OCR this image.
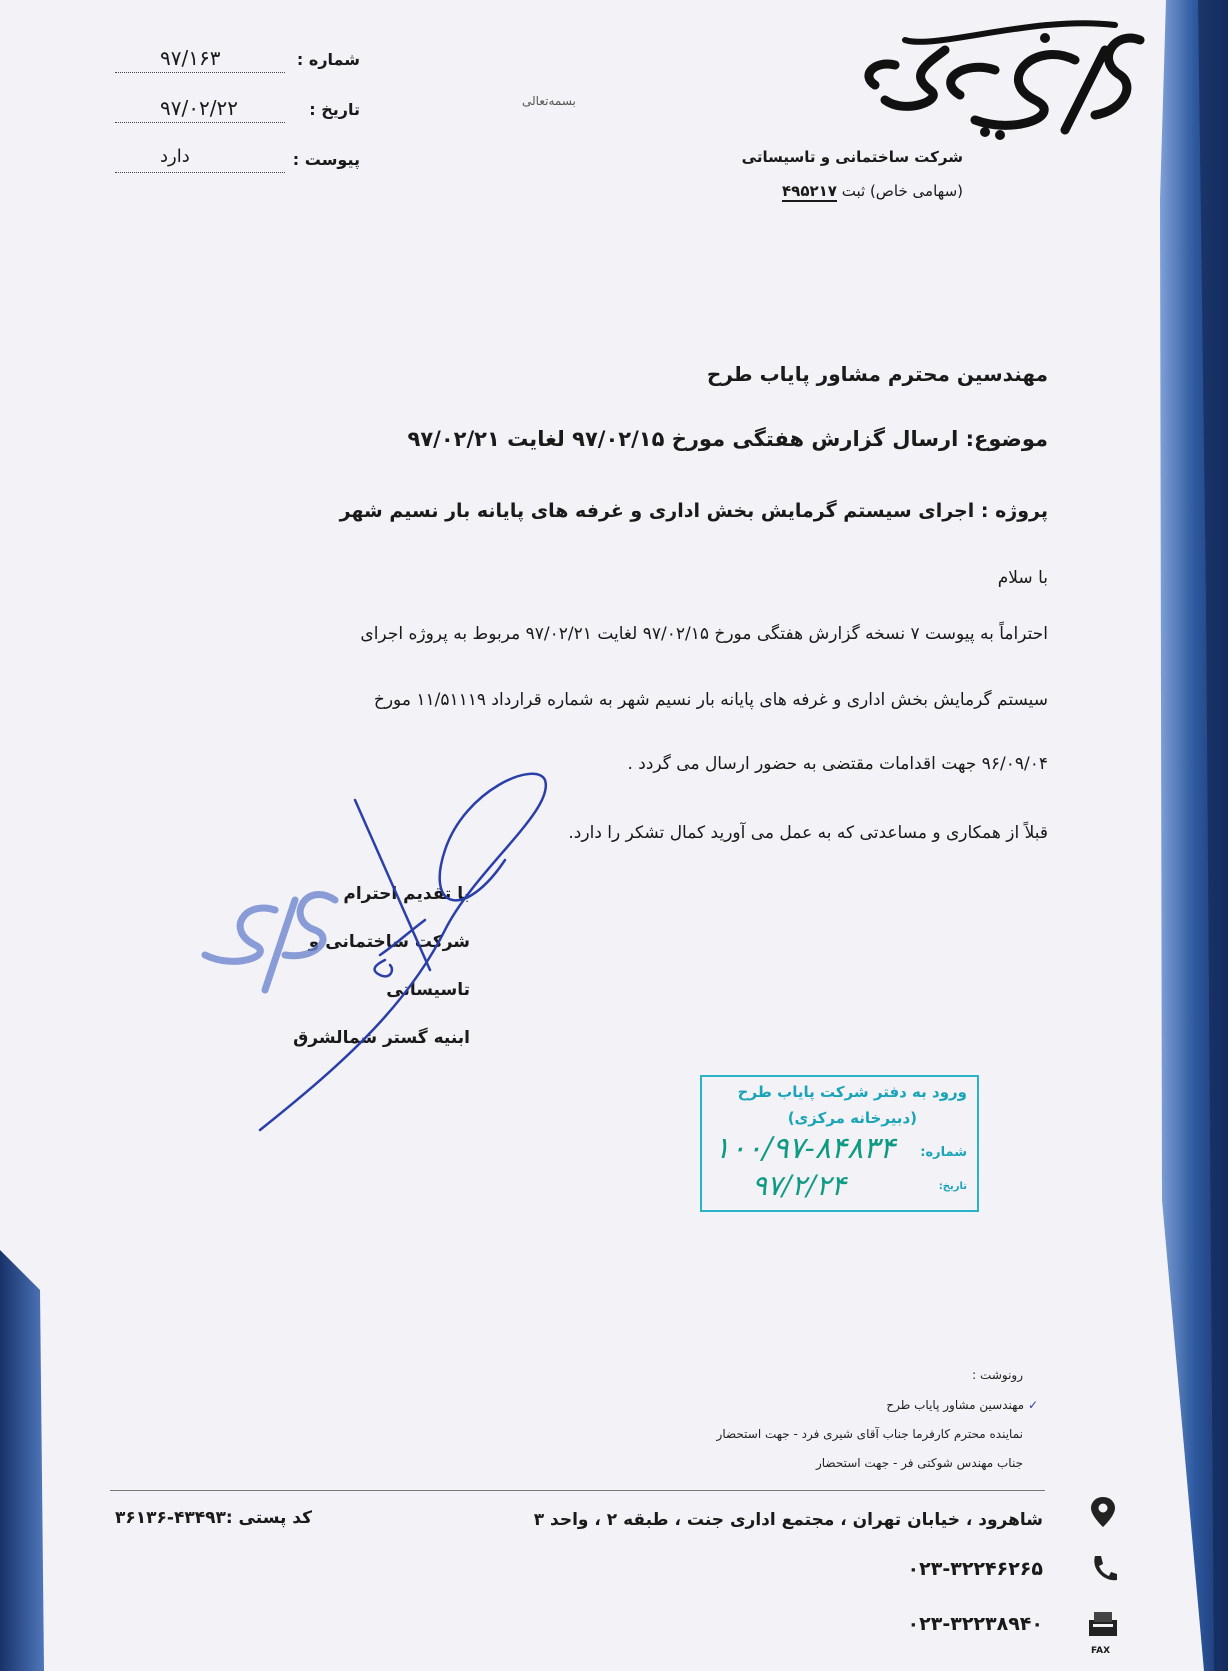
شماره :
۹۷/۱۶۳
تاریخ :
۹۷/۰۲/۲۲
پیوست :
دارد
بسمه‌تعالی
شرکت ساختمانی و تاسیساتی
(سهامی خاص) ثبت ۴۹۵۲۱۷
مهندسین محترم مشاور پایاب طرح
موضوع: ارسال گزارش هفتگی مورخ ۹۷/۰۲/۱۵ لغایت ۹۷/۰۲/۲۱
پروژه : اجرای سیستم گرمایش بخش اداری و غرفه های پایانه بار نسیم شهر
با سلام
احتراماً به پیوست ۷ نسخه گزارش هفتگی مورخ ۹۷/۰۲/۱۵ لغایت ۹۷/۰۲/۲۱ مربوط به پروژه اجرای
سیستم گرمایش بخش اداری و غرفه های پایانه بار نسیم شهر به شماره قرارداد ۱۱/۵۱۱۱۹ مورخ
۹۶/۰۹/۰۴ جهت اقدامات مقتضی به حضور ارسال می گردد .
قبلاً از همکاری و مساعدتی که به عمل می آورید کمال تشکر را دارد.
با تقدیم احترام
شرکت ساختمانی و تاسیساتی
ابنیه گستر شمالشرق
ورود به دفتر شرکت پایاب طرح
(دبیرخانه مرکزی)
شماره:
تاریخ:
۱۰۰/۹۷-۸۴۸۳۴
۹۷/۲/۲۴
رونوشت :
✓ مهندسین مشاور پایاب طرح
نماینده محترم کارفرما جناب آقای شیری فرد - جهت استحضار
جناب مهندس شوکتی فر - جهت استحضار
کد پستی :۴۳۴۹۳-۳۶۱۳۶	شاهرود ، خیابان تهران ، مجتمع اداری جنت ، طبقه ۲ ، واحد ۳
۰۲۳-۳۲۲۴۶۲۶۵
۰۲۳-۳۲۲۳۸۹۴۰
FAX
